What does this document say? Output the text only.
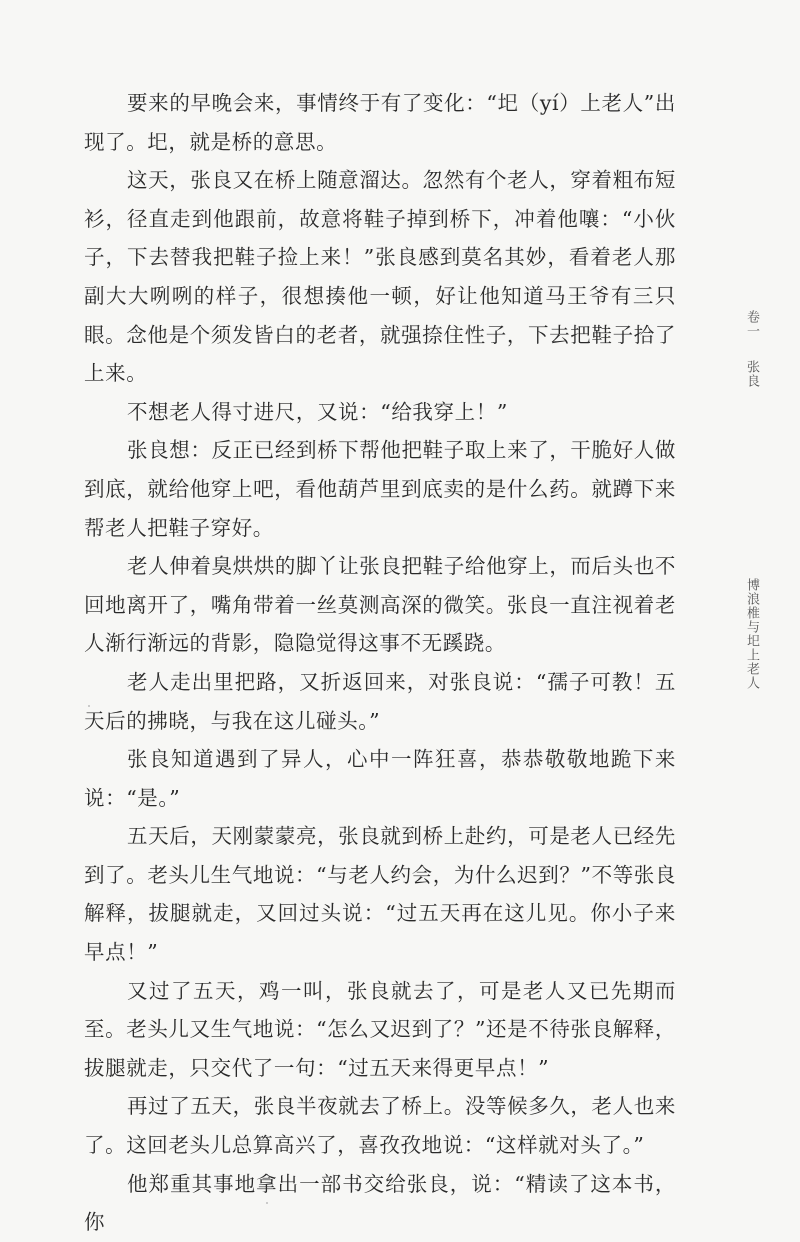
要来的早晚会来，事情终于有了变化：“圯（yí）上老人”出现了。圯，就是桥的意思。

这天，张良又在桥上随意溜达。忽然有个老人，穿着粗布短衫，径直走到他跟前，故意将鞋子掉到桥下，冲着他嚷：“小伙子，下去替我把鞋子捡上来！”张良感到莫名其妙，看着老人那副大大咧咧的样子，很想揍他一顿，好让他知道马王爷有三只眼。念他是个须发皆白的老者，就强捺住性子，下去把鞋子拾了上来。

不想老人得寸进尺，又说：“给我穿上！”

张良想：反正已经到桥下帮他把鞋子取上来了，干脆好人做到底，就给他穿上吧，看他葫芦里到底卖的是什么药。就蹲下来帮老人把鞋子穿好。

老人伸着臭烘烘的脚丫让张良把鞋子给他穿上，而后头也不回地离开了，嘴角带着一丝莫测高深的微笑。张良一直注视着老人渐行渐远的背影，隐隐觉得这事不无蹊跷。

老人走出里把路，又折返回来，对张良说：“孺子可教！五天后的拂晓，与我在这儿碰头。”

张良知道遇到了异人，心中一阵狂喜，恭恭敬敬地跪下来说：“是。”

五天后，天刚蒙蒙亮，张良就到桥上赴约，可是老人已经先到了。老头儿生气地说：“与老人约会，为什么迟到？”不等张良解释，拔腿就走，又回过头说：“过五天再在这儿见。你小子来早点！”

又过了五天，鸡一叫，张良就去了，可是老人又已先期而至。老头儿又生气地说：“怎么又迟到了？”还是不待张良解释，拔腿就走，只交代了一句：“过五天来得更早点！”

再过了五天，张良半夜就去了桥上。没等候多久，老人也来了。这回老头儿总算高兴了，喜孜孜地说：“这样就对头了。”

他郑重其事地拿出一部书交给张良，说：“精读了这本书，你

卷一
张良
博浪椎与圯上老人
